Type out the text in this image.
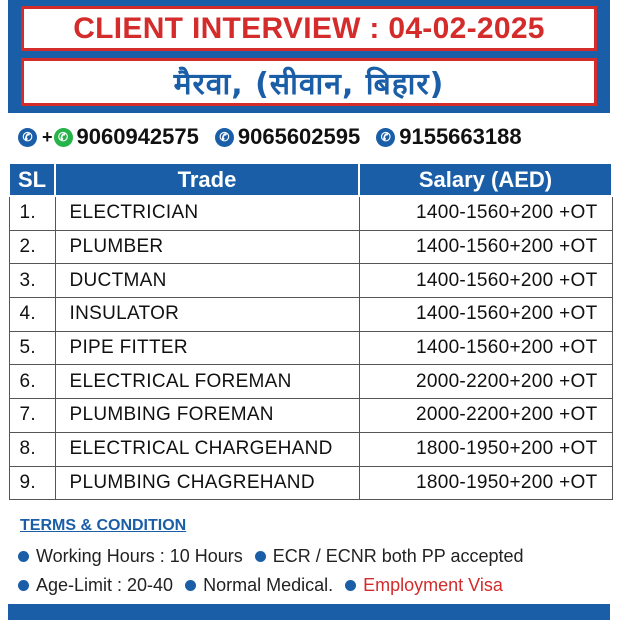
CLIENT INTERVIEW : 04-02-2025
मैरवा, (सीवान, बिहार)
✆ + ✆ 9060942575	✆ 9065602595	✆ 9155663188
SL	Trade	Salary (AED)
1.	ELECTRICIAN	1400-1560+200 +OT
2.	PLUMBER	1400-1560+200 +OT
3.	DUCTMAN	1400-1560+200 +OT
4.	INSULATOR	1400-1560+200 +OT
5.	PIPE FITTER	1400-1560+200 +OT
6.	ELECTRICAL FOREMAN	2000-2200+200 +OT
7.	PLUMBING FOREMAN	2000-2200+200 +OT
8.	ELECTRICAL CHARGEHAND	1800-1950+200 +OT
9.	PLUMBING CHAGREHAND	1800-1950+200 +OT
TERMS & CONDITION
Working Hours : 10 Hours ECR / ECNR both PP accepted
Age-Limit : 20-40 Normal Medical. Employment Visa
